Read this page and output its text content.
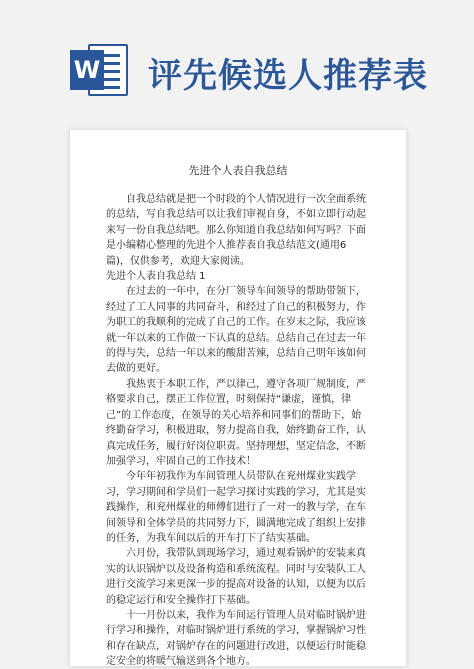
W 评先候选人推荐表
先进个人表自我总结

自我总结就是把一个时段的个人情况进行一次全面系统的总结，写自我总结可以让我们审视自身，不如立即行动起来写一份自我总结吧。那么你知道自我总结如何写吗？下面是小编精心整理的先进个人推荐表自我总结范文(通用6篇)，仅供参考，欢迎大家阅读。

先进个人表自我总结 1

在过去的一年中，在分厂领导车间领导的帮助带领下，经过了工人同事的共同奋斗，和经过了自己的积极努力，作为职工的我顺利的完成了自己的工作。在岁末之际，我应该就一年以来的工作做一下认真的总结。总结自己在过去一年的得与失，总结一年以来的酸甜苦辣，总结自己明年该如何去做的更好。

我热衷于本职工作，严以律己，遵守各项厂规制度，严格要求自己，摆正工作位置，时刻保持“谦虚，谨慎，律己”的工作态度，在领导的关心培养和同事们的帮助下，始终勤奋学习，积极进取，努力提高自我，始终勤奋工作，认真完成任务，履行好岗位职责。坚持理想，坚定信念，不断加强学习，牢固自己的工作技术！

今年年初我作为车间管理人员带队在兖州煤业实践学习，学习期间和学员们一起学习探讨实践的学习，尤其是实践操作，和兖州煤业的师傅们进行了一对一的教与学，在车间领导和全体学员的共同努力下，圆满地完成了组织上安排的任务，为我车间以后的开车打下了结实基础。

六月份，我带队到现场学习，通过观看锅炉的安装来真实的认识锅炉以及设备构造和系统流程。同时与安装队工人进行交流学习来更深一步的提高对设备的认知，以便为以后的稳定运行和安全操作打下基础。

十一月份以来，我作为车间运行管理人员对临时锅炉进行学习和操作，对临时锅炉进行系统的学习，掌握锅炉习性和存在缺点，对锅炉存在的问题进行改进，以便运行时能稳定安全的将暖气输送到各个地方。
